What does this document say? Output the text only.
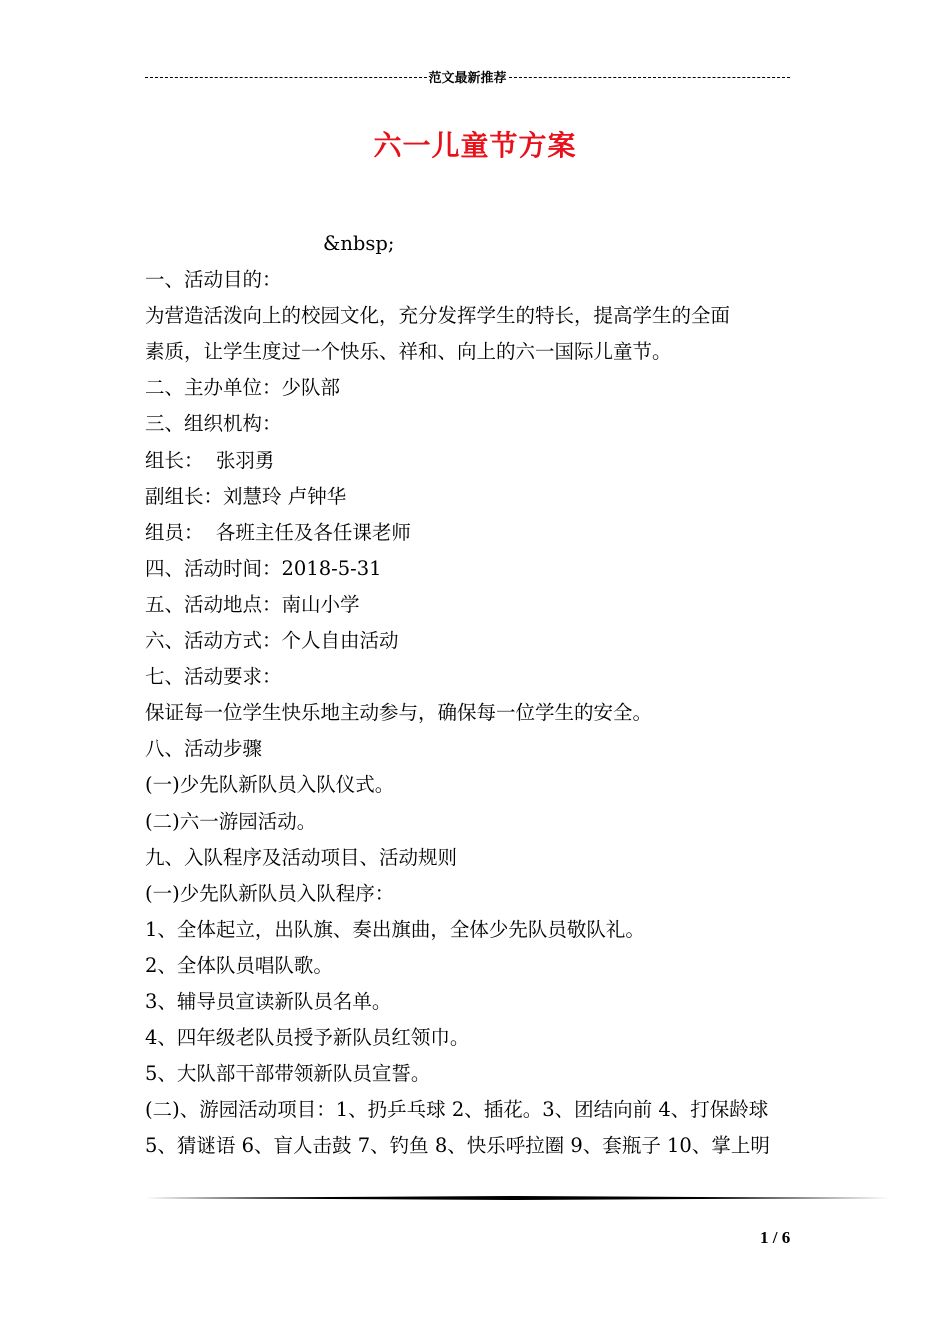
范文最新推荐
六一儿童节方案

&nbsp;

一、活动目的：

为营造活泼向上的校园文化，充分发挥学生的特长，提高学生的全面

素质，让学生度过一个快乐、祥和、向上的六一国际儿童节。

二、主办单位：少队部

三、组织机构：

组长：  张羽勇

副组长：刘慧玲 卢钟华

组员：  各班主任及各任课老师

四、活动时间：2018-5-31

五、活动地点：南山小学

六、活动方式：个人自由活动

七、活动要求：

保证每一位学生快乐地主动参与，确保每一位学生的安全。

八、活动步骤

(一)少先队新队员入队仪式。

(二)六一游园活动。

九、入队程序及活动项目、活动规则

(一)少先队新队员入队程序：

1、全体起立，出队旗、奏出旗曲，全体少先队员敬队礼。

2、全体队员唱队歌。

3、辅导员宣读新队员名单。

4、四年级老队员授予新队员红领巾。

5、大队部干部带领新队员宣誓。

(二)、游园活动项目：1、扔乒乓球 2、插花。3、团结向前 4、打保龄球

5、猜谜语 6、盲人击鼓 7、钓鱼 8、快乐呼拉圈 9、套瓶子 10、掌上明

1 / 6
